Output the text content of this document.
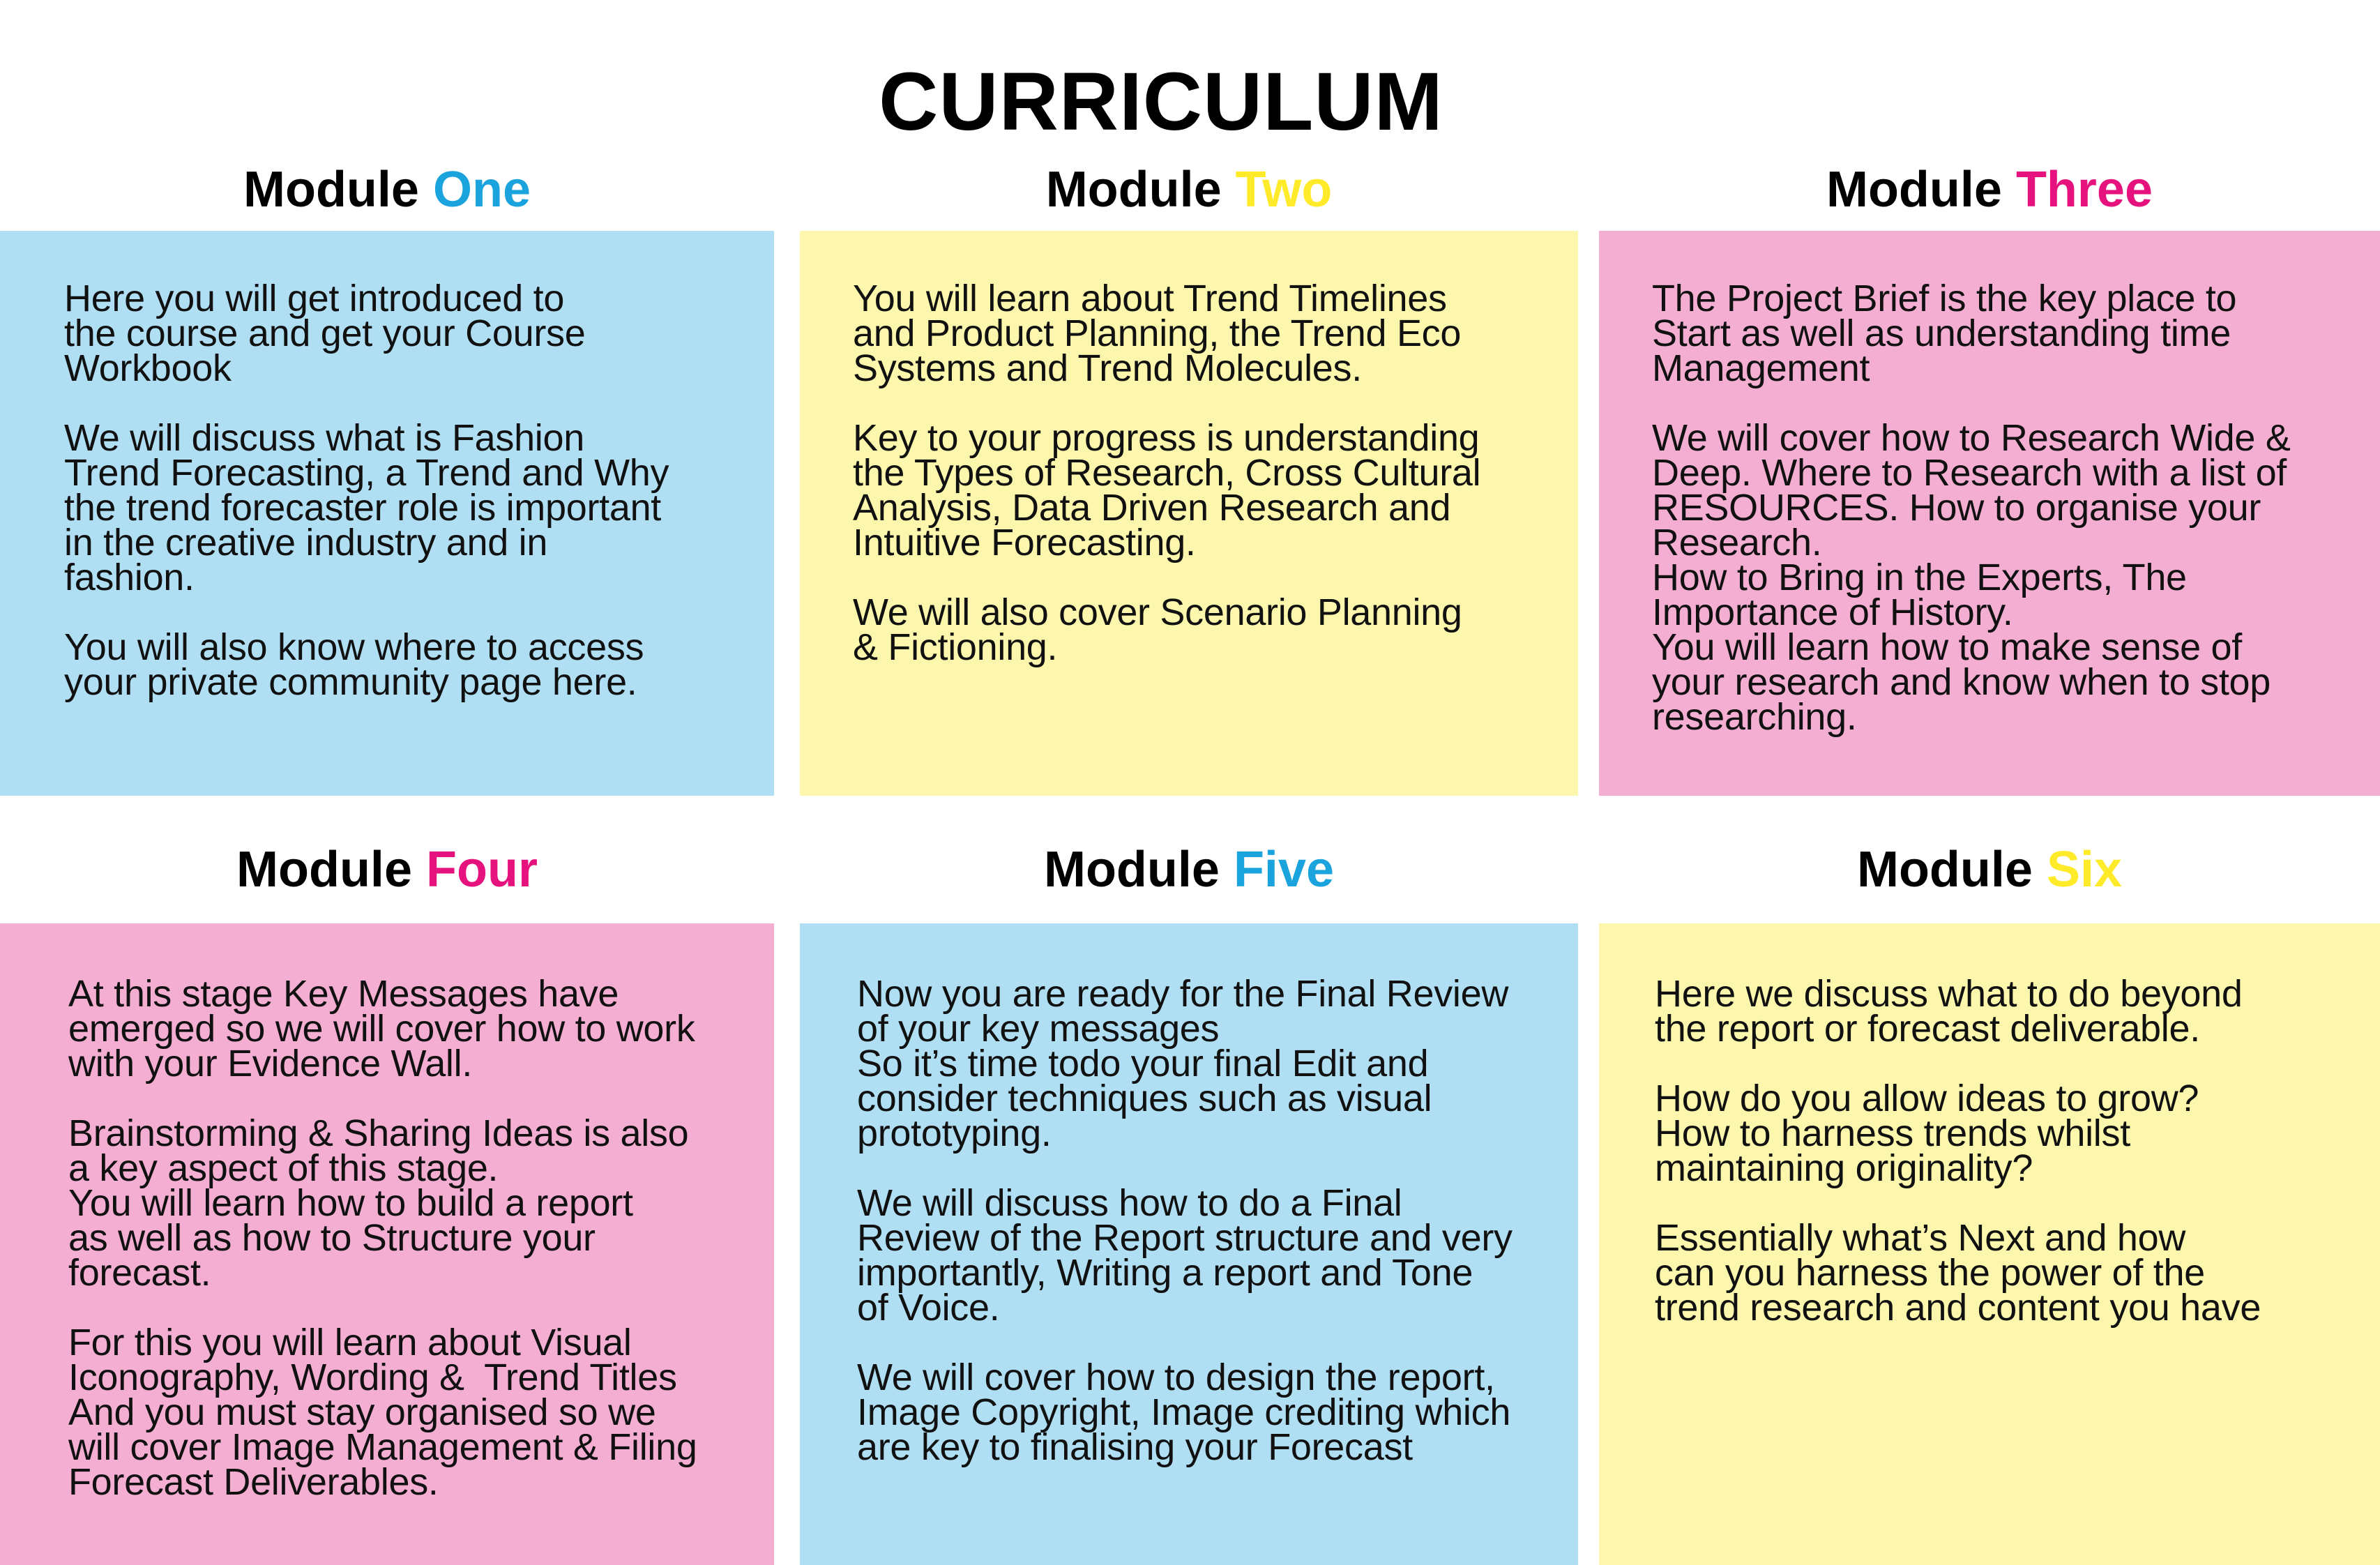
CURRICULUM
Module One

Here you will get introduced to
the course and get your Course
Workbook

We will discuss what is Fashion
Trend Forecasting, a Trend and Why
the trend forecaster role is important
in the creative industry and in
fashion.

You will also know where to access
your private community page here.

Module Two

You will learn about Trend Timelines
and Product Planning, the Trend Eco
Systems and Trend Molecules.

Key to your progress is understanding
the Types of Research, Cross Cultural
Analysis, Data Driven Research and
Intuitive Forecasting.

We will also cover Scenario Planning
& Fictioning.

Module Three

The Project Brief is the key place to
Start as well as understanding time
Management

We will cover how to Research Wide &
Deep. Where to Research with a list of
RESOURCES. How to organise your
Research.
How to Bring in the Experts, The
Importance of History.
You will learn how to make sense of
your research and know when to stop
researching.

Module Four

At this stage Key Messages have
emerged so we will cover how to work
with your Evidence Wall.

Brainstorming & Sharing Ideas is also
a key aspect of this stage.
You will learn how to build a report
as well as how to Structure your
forecast.

For this you will learn about Visual
Iconography, Wording &  Trend Titles
And you must stay organised so we
will cover Image Management & Filing
Forecast Deliverables.

Module Five

Now you are ready for the Final Review
of your key messages
So it’s time todo your final Edit and
consider techniques such as visual
prototyping.

We will discuss how to do a Final
Review of the Report structure and very
importantly, Writing a report and Tone
of Voice.

We will cover how to design the report,
Image Copyright, Image crediting which
are key to finalising your Forecast

Module Six

Here we discuss what to do beyond
the report or forecast deliverable.

How do you allow ideas to grow?
How to harness trends whilst
maintaining originality?

Essentially what’s Next and how
can you harness the power of the
trend research and content you have
